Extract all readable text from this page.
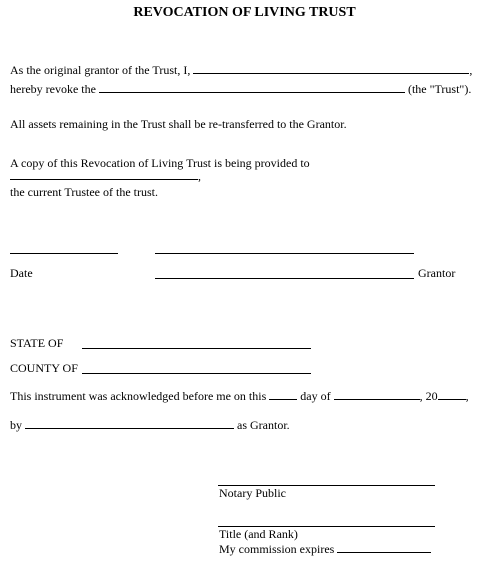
REVOCATION OF LIVING TRUST
As the original grantor of the Trust, I,	,
hereby revoke the	(the "Trust").
All assets remaining in the Trust shall be re-transferred to the Grantor.
A copy of this Revocation of Living Trust is being provided to
,
the current Trustee of the trust.
Date	Grantor
STATE OF
COUNTY OF
This instrument was acknowledged before me on this	day of	, 20 ,
by	as Grantor.
Notary Public
Title (and Rank)
My commission expires
